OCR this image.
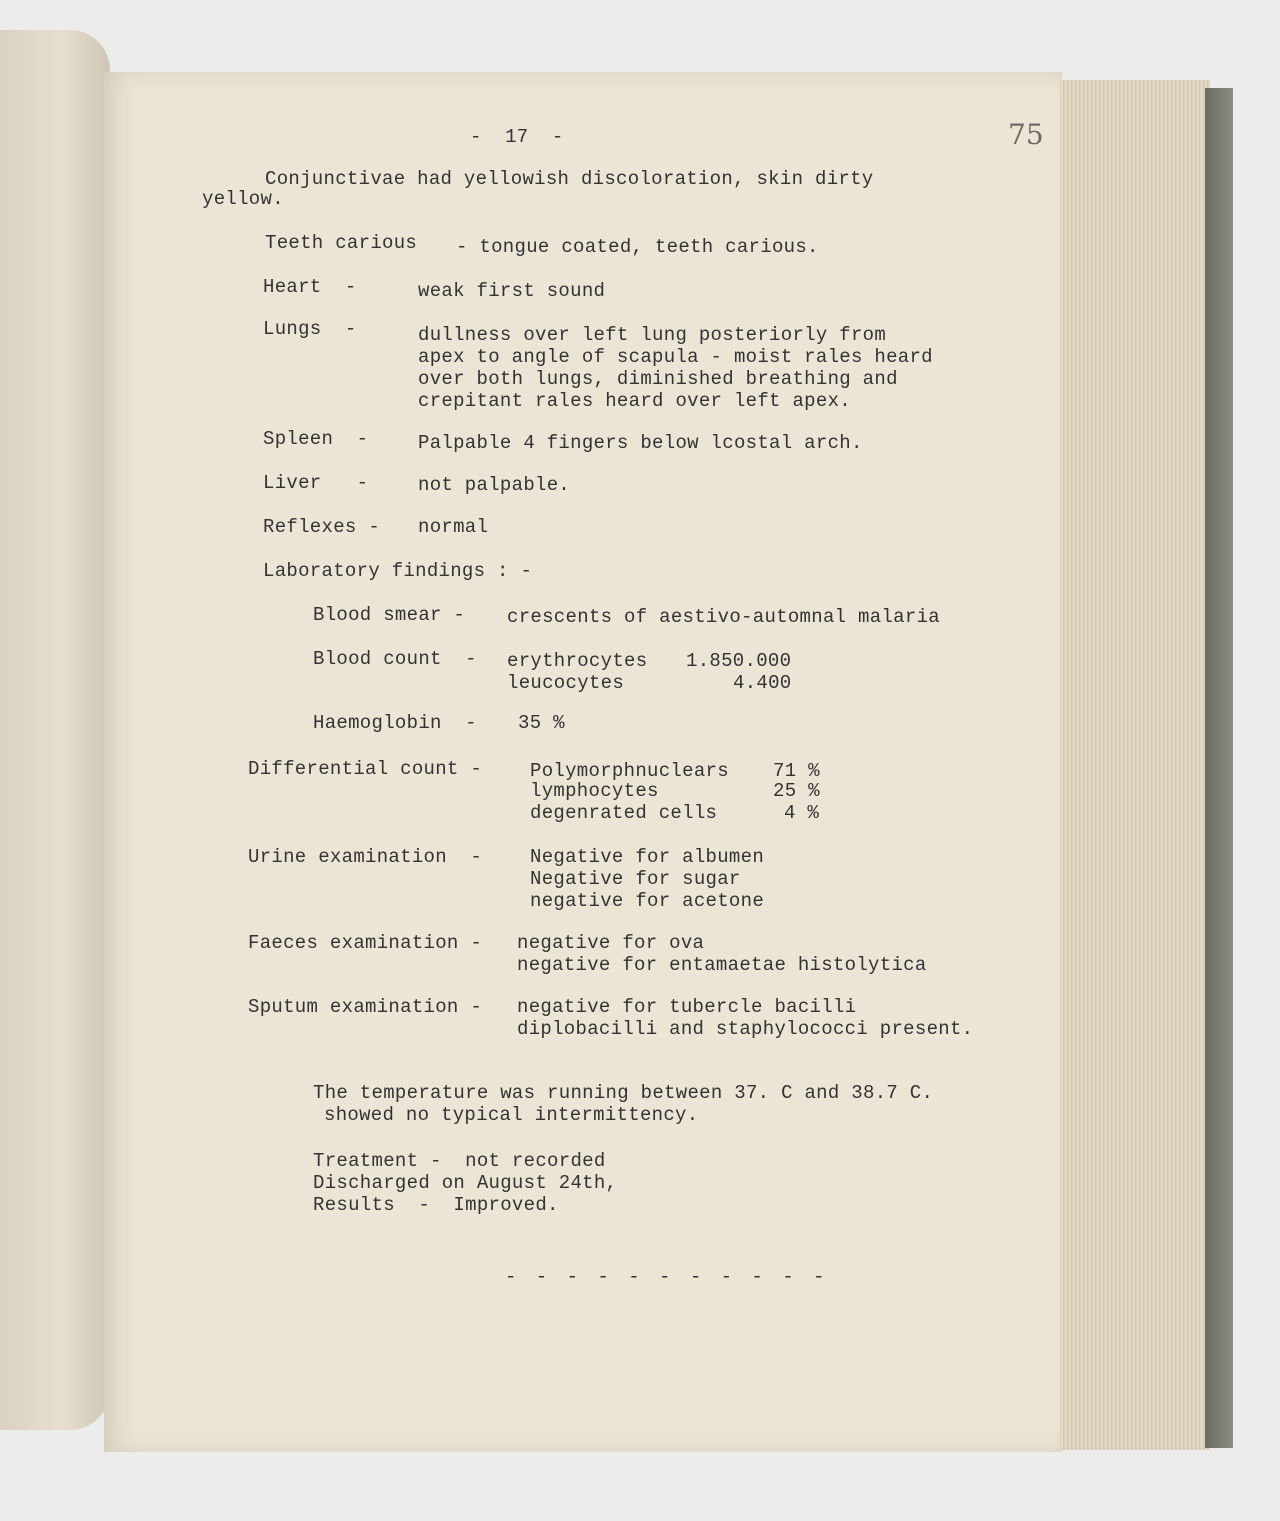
-  17  -	75
Conjunctivae had yellowish discoloration, skin dirty
yellow.
Teeth carious - tongue coated, teeth carious.
Heart  -	weak first sound
Lungs  -	dullness over left lung posteriorly from
apex to angle of scapula - moist rales heard
over both lungs, diminished breathing and
crepitant rales heard over left apex.
Spleen  -	Palpable 4 fingers below lcostal arch.
Liver   -	not palpable.
Reflexes - normal
Laboratory findings : -
Blood smear - crescents of aestivo-automnal malaria
Blood count  - erythrocytes 1.850.000
leucocytes	4.400
Haemoglobin  - 35 %
Differential count -	Polymorphnuclears 71 %
lymphocytes	25 %
degenrated cells	4 %
Urine examination  -	Negative for albumen
Negative for sugar
negative for acetone
Faeces examination - negative for ova
negative for entamaetae histolytica
Sputum examination - negative for tubercle bacilli
diplobacilli and staphylococci present.
The temperature was running between 37. C and 38.7 C.
showed no typical intermittency.
Treatment -  not recorded
Discharged on August 24th,
Results  -  Improved.
- - - - - - - - - - -
